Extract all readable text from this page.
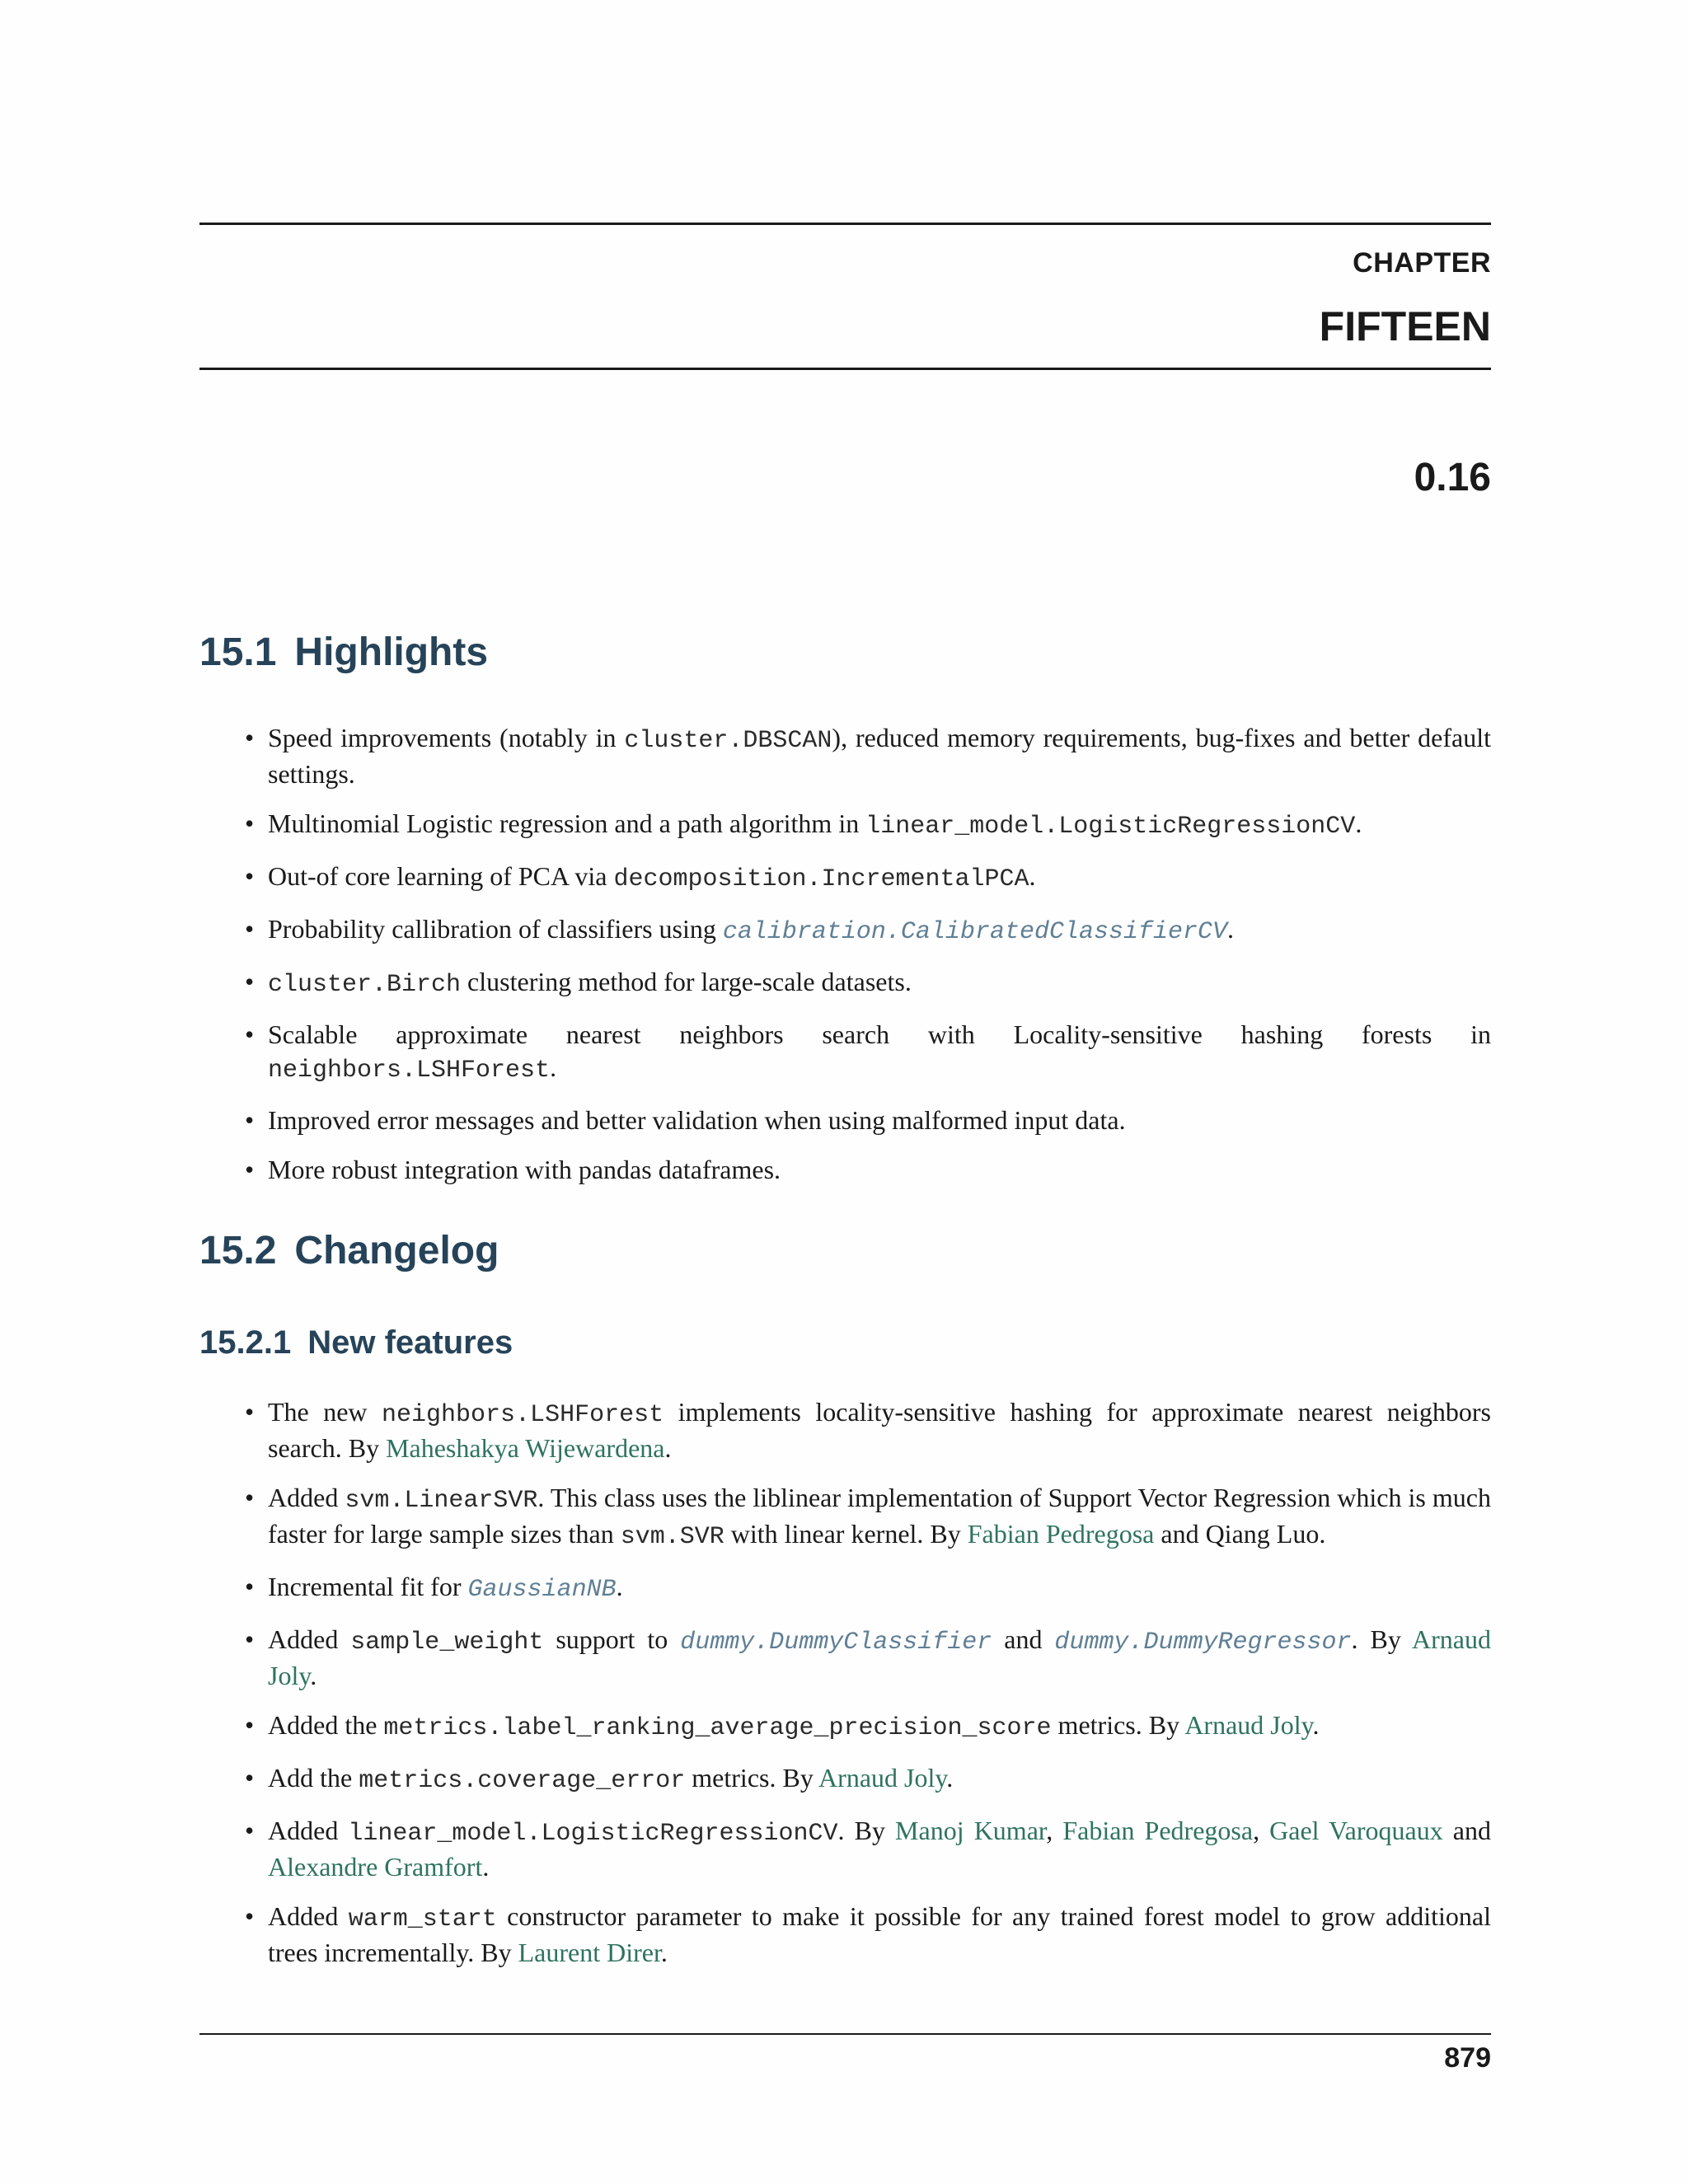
CHAPTER
FIFTEEN
0.16
15.1 Highlights
• Speed improvements (notably in cluster.DBSCAN), reduced memory requirements, bug-fixes and better default settings.
• Multinomial Logistic regression and a path algorithm in linear_model.LogisticRegressionCV.
• Out-of core learning of PCA via decomposition.IncrementalPCA.
• Probability callibration of classifiers using calibration.CalibratedClassifierCV.
• cluster.Birch clustering method for large-scale datasets.
• Scalable approximate nearest neighbors search with Locality-sensitive hashing forests in neighbors.LSHForest.
• Improved error messages and better validation when using malformed input data.
• More robust integration with pandas dataframes.
15.2 Changelog
15.2.1 New features
• The new neighbors.LSHForest implements locality-sensitive hashing for approximate nearest neighbors search. By Maheshakya Wijewardena.
• Added svm.LinearSVR. This class uses the liblinear implementation of Support Vector Regression which is much faster for large sample sizes than svm.SVR with linear kernel. By Fabian Pedregosa and Qiang Luo.
• Incremental fit for GaussianNB.
• Added sample_weight support to dummy.DummyClassifier and dummy.DummyRegressor. By Arnaud Joly.
• Added the metrics.label_ranking_average_precision_score metrics. By Arnaud Joly.
• Add the metrics.coverage_error metrics. By Arnaud Joly.
• Added linear_model.LogisticRegressionCV. By Manoj Kumar, Fabian Pedregosa, Gael Varoquaux and Alexandre Gramfort.
• Added warm_start constructor parameter to make it possible for any trained forest model to grow additional trees incrementally. By Laurent Direr.
879
